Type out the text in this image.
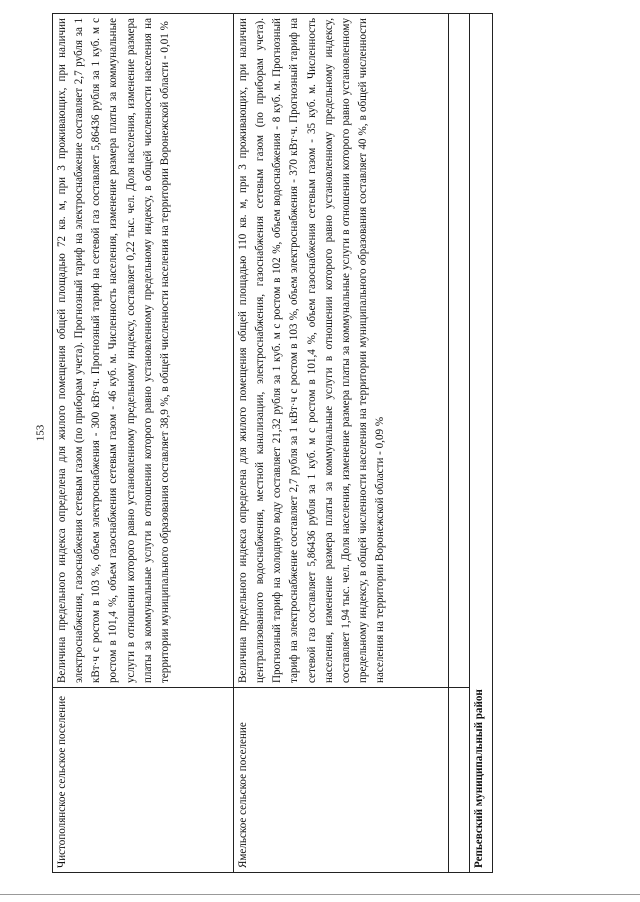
153
Чистополянское сельское поселение	Величина предельного индекса определена для жилого помещения общей площадью 72 кв. м, при 3 проживающих, при наличии электроснабжения, газоснабжения сетевым газом (по приборам учета). Прогнозный тариф на электроснабжение составляет 2,7 рубля за 1 кВт·ч с ростом в 103 %, объем электроснабжения - 300 кВт·ч. Прогнозный тариф на сетевой газ составляет 5,86436 рубля за 1 куб. м с ростом в 101,4 %, объем газоснабжения сетевым газом - 46 куб. м. Численность населения, изменение размера платы за коммунальные услуги в отношении которого равно установленному предельному индексу, составляет 0,22 тыс. чел. Доля населения, изменение размера платы за коммунальные услуги в отношении которого равно установленному предельному индексу, в общей численности населения на территории муниципального образования составляет 38,9 %, в общей численности населения на территории Воронежской области - 0,01 %
Ямельское сельское поселение	Величина предельного индекса определена для жилого помещения общей площадью 110 кв. м, при 3 проживающих, при наличии централизованного водоснабжения, местной канализации, электроснабжения, газоснабжения сетевым газом (по приборам учета). Прогнозный тариф на холодную воду составляет 21,32 рубля за 1 куб. м с ростом в 102 %, объем водоснабжения - 8 куб. м. Прогнозный тариф на электроснабжение составляет 2,7 рубля за 1 кВт·ч с ростом в 103 %, объем электроснабжения - 370 кВт·ч. Прогнозный тариф на сетевой газ составляет 5,86436 рубля за 1 куб. м с ростом в 101,4 %, объем газоснабжения сетевым газом - 35 куб. м. Численность населения, изменение размера платы за коммунальные услуги в отношении которого равно установленному предельному индексу, составляет 1,94 тыс. чел. Доля населения, изменение размера платы за коммунальные услуги в отношении которого равно установленному предельному индексу, в общей численности населения на территории муниципального образования составляет 40 %, в общей численности населения на территории Воронежской области - 0,09 %

Репьевский муниципальный район	
